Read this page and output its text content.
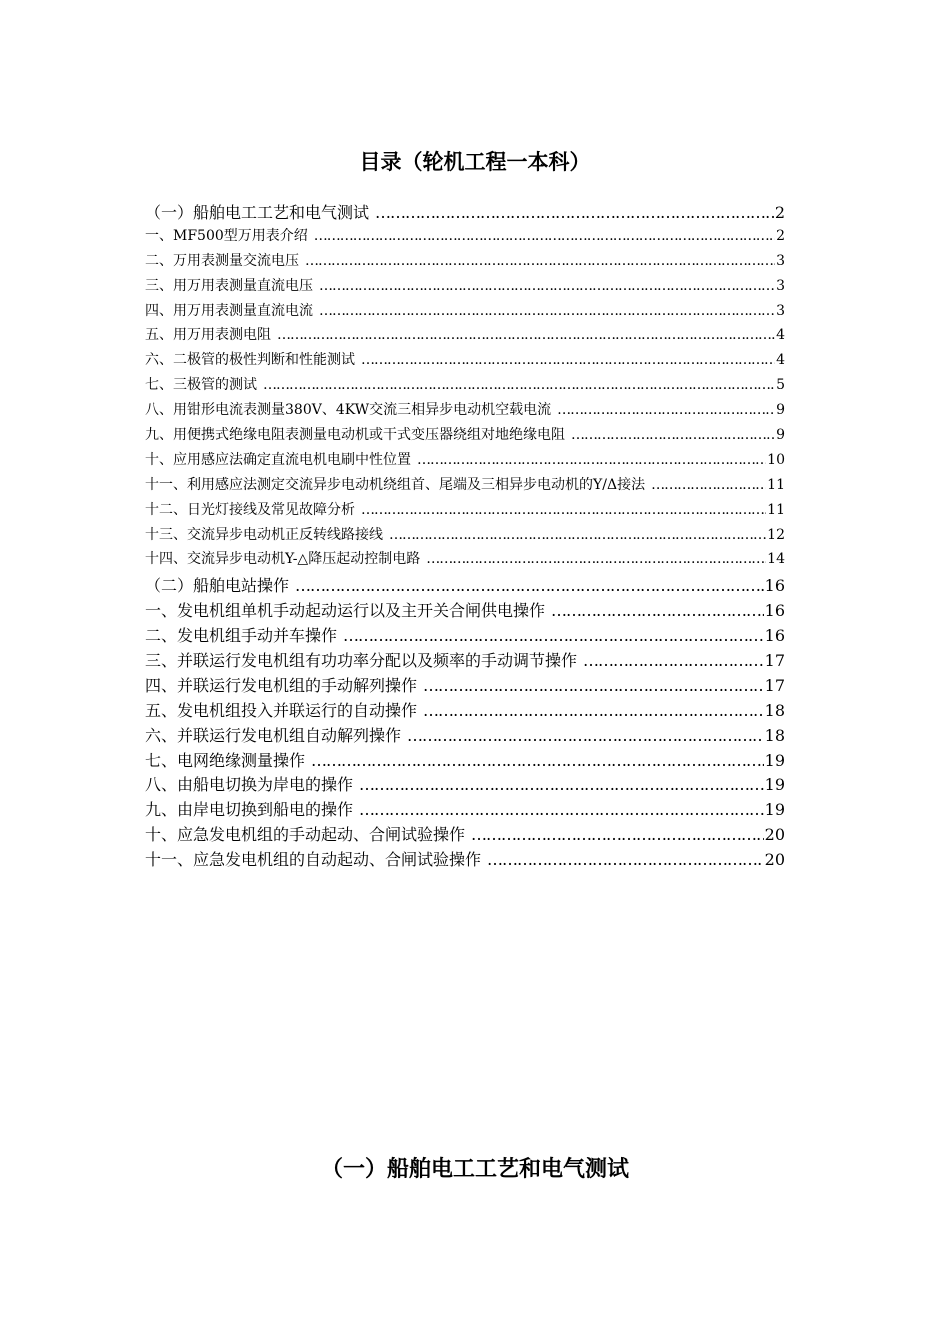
目录（轮机工程一本科）
（一）船舶电工工艺和电气测试 ……………………………………………………………………………………………………………………………………………………………………………	2
一、MF500型万用表介绍 ……………………………………………………………………………………………………………………………………………………………………………	2
二、万用表测量交流电压 ……………………………………………………………………………………………………………………………………………………………………………	3
三、用万用表测量直流电压 ……………………………………………………………………………………………………………………………………………………………………………	3
四、用万用表测量直流电流 ……………………………………………………………………………………………………………………………………………………………………………	3
五、用万用表测电阻 ……………………………………………………………………………………………………………………………………………………………………………	4
六、二极管的极性判断和性能测试 ……………………………………………………………………………………………………………………………………………………………………………	4
七、三极管的测试 ……………………………………………………………………………………………………………………………………………………………………………	5
八、用钳形电流表测量380V、4KW交流三相异步电动机空载电流 ……………………………………………………………………………………………………………………………………………………………………………	9
九、用便携式绝缘电阻表测量电动机或干式变压器绕组对地绝缘电阻 ……………………………………………………………………………………………………………………………………………………………………………	9
十、应用感应法确定直流电机电刷中性位置 ……………………………………………………………………………………………………………………………………………………………………………	10
十一、利用感应法测定交流异步电动机绕组首、尾端及三相异步电动机的Y/Δ接法 ……………………………………………………………………………………………………………………………………………………………………………	11
十二、日光灯接线及常见故障分析 ……………………………………………………………………………………………………………………………………………………………………………	11
十三、交流异步电动机正反转线路接线 ……………………………………………………………………………………………………………………………………………………………………………	12
十四、交流异步电动机Y-△降压起动控制电路 ……………………………………………………………………………………………………………………………………………………………………………	14
（二）船舶电站操作 ……………………………………………………………………………………………………………………………………………………………………………	16
一、发电机组单机手动起动运行以及主开关合闸供电操作 ……………………………………………………………………………………………………………………………………………………………………………	16
二、发电机组手动并车操作 ……………………………………………………………………………………………………………………………………………………………………………	16
三、并联运行发电机组有功功率分配以及频率的手动调节操作 ……………………………………………………………………………………………………………………………………………………………………………	17
四、并联运行发电机组的手动解列操作 ……………………………………………………………………………………………………………………………………………………………………………	17
五、发电机组投入并联运行的自动操作 ……………………………………………………………………………………………………………………………………………………………………………	18
六、并联运行发电机组自动解列操作 ……………………………………………………………………………………………………………………………………………………………………………	18
七、电网绝缘测量操作 ……………………………………………………………………………………………………………………………………………………………………………	19
八、由船电切换为岸电的操作 ……………………………………………………………………………………………………………………………………………………………………………	19
九、由岸电切换到船电的操作 ……………………………………………………………………………………………………………………………………………………………………………	19
十、应急发电机组的手动起动、合闸试验操作 ……………………………………………………………………………………………………………………………………………………………………………	20
十一、应急发电机组的自动起动、合闸试验操作 ……………………………………………………………………………………………………………………………………………………………………………	20
（一）船舶电工工艺和电气测试
